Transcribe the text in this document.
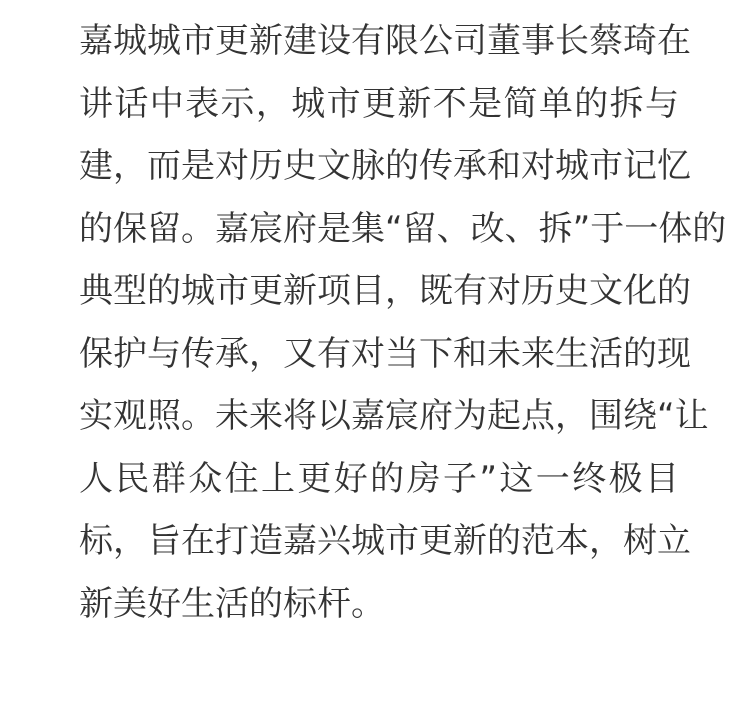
嘉城城市更新建设有限公司董事长蔡琦在
讲话中表示，城市更新不是简单的拆与
建，而是对历史文脉的传承和对城市记忆
的保留。嘉宸府是集“留、改、拆”于一体的
典型的城市更新项目，既有对历史文化的
保护与传承，又有对当下和未来生活的现
实观照。未来将以嘉宸府为起点，围绕“让
人民群众住上更好的房子”这一终极目
标，旨在打造嘉兴城市更新的范本，树立
新美好生活的标杆。
